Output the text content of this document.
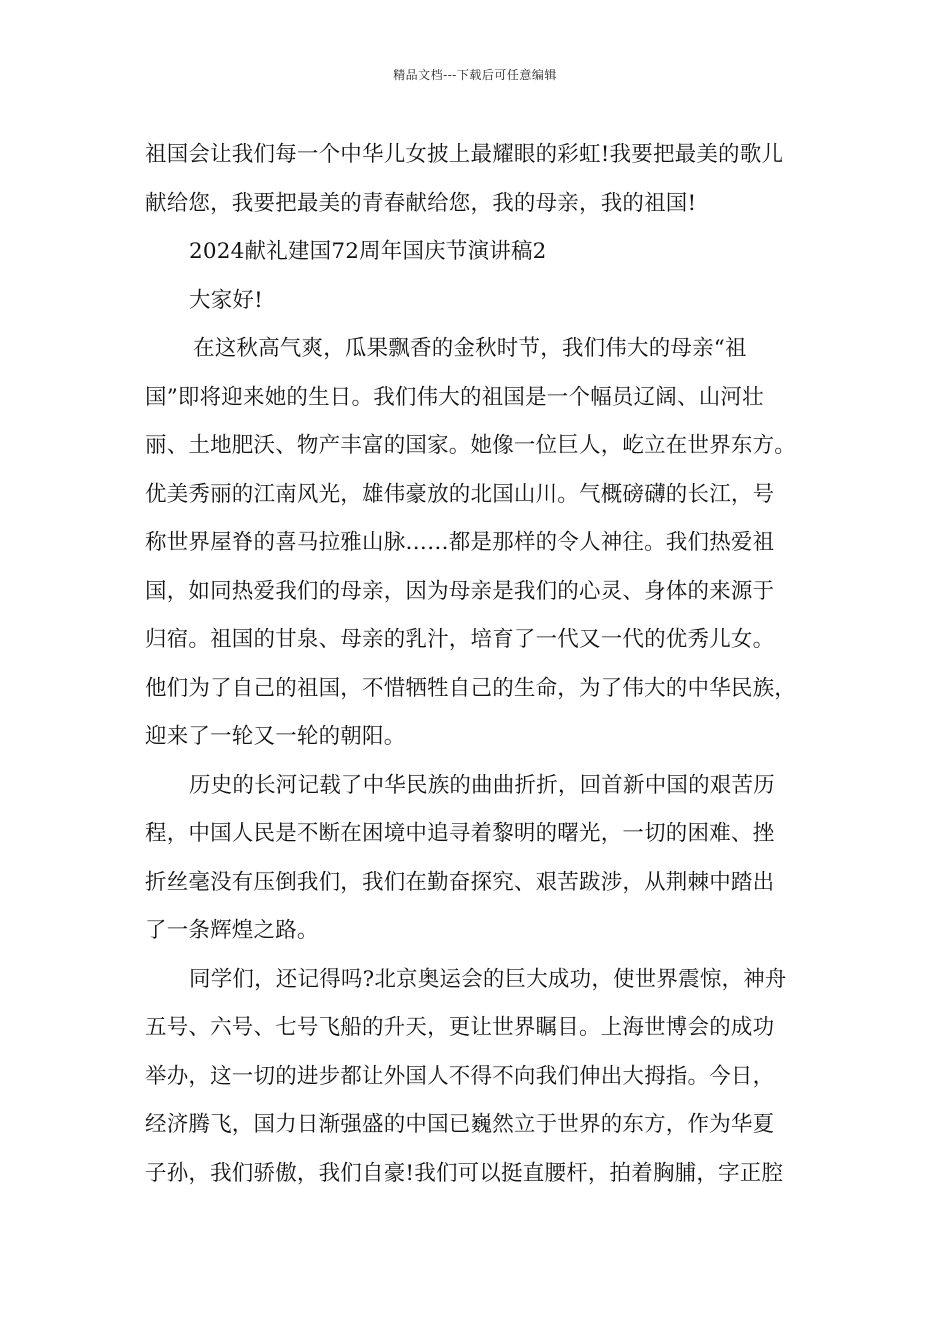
精品文档---下载后可任意编辑
祖国会让我们每一个中华儿女披上最耀眼的彩虹!我要把最美的歌儿
献给您，我要把最美的青春献给您，我的母亲，我的祖国!
2024献礼建国72周年国庆节演讲稿2
大家好!
在这秋高气爽，瓜果飘香的金秋时节，我们伟大的母亲“祖
国”即将迎来她的生日。我们伟大的祖国是一个幅员辽阔、山河壮
丽、土地肥沃、物产丰富的国家。她像一位巨人，屹立在世界东方。
优美秀丽的江南风光，雄伟豪放的北国山川。气概磅礴的长江，号
称世界屋脊的喜马拉雅山脉……都是那样的令人神往。我们热爱祖
国，如同热爱我们的母亲，因为母亲是我们的心灵、身体的来源于
归宿。祖国的甘泉、母亲的乳汁，培育了一代又一代的优秀儿女。
他们为了自己的祖国，不惜牺牲自己的生命，为了伟大的中华民族，
迎来了一轮又一轮的朝阳。
历史的长河记载了中华民族的曲曲折折，回首新中国的艰苦历
程，中国人民是不断在困境中追寻着黎明的曙光，一切的困难、挫
折丝毫没有压倒我们，我们在勤奋探究、艰苦跋涉，从荆棘中踏出
了一条辉煌之路。
同学们，还记得吗?北京奥运会的巨大成功，使世界震惊，神舟
五号、六号、七号飞船的升天，更让世界瞩目。上海世博会的成功
举办，这一切的进步都让外国人不得不向我们伸出大拇指。今日，
经济腾飞，国力日渐强盛的中国已巍然立于世界的东方，作为华夏
子孙，我们骄傲，我们自豪!我们可以挺直腰杆，拍着胸脯，字正腔
